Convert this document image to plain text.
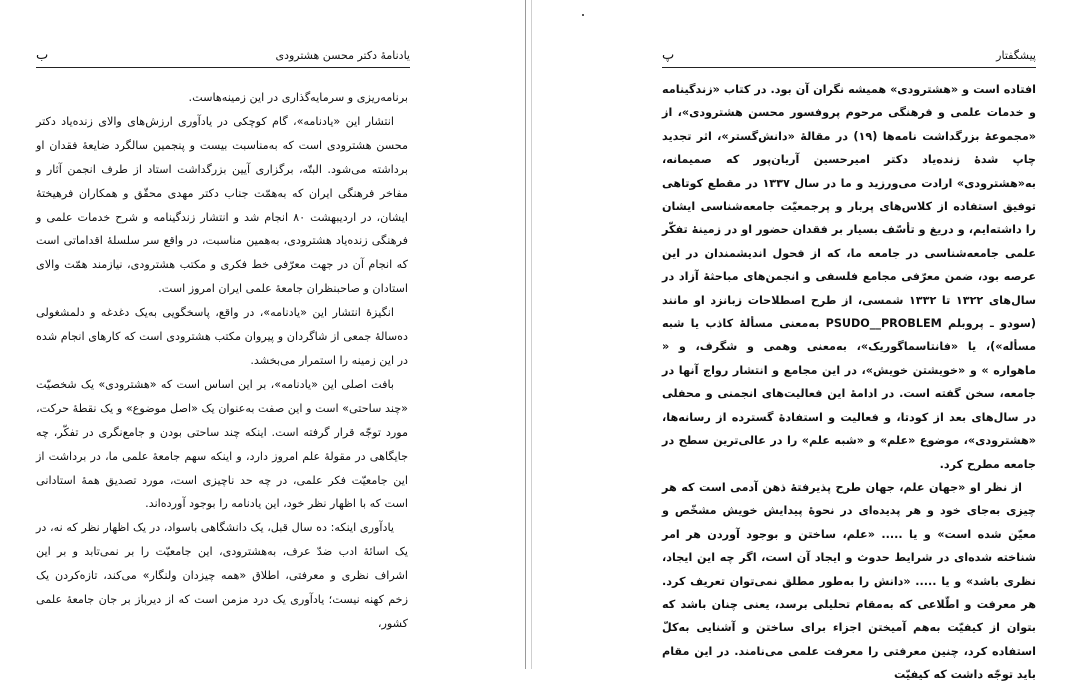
ب	یادنامهٔ دکتر محسن هشترودی

برنامه‌ریزی و سرمایه‌گذاری در این زمینه‌هاست.

انتشار این «یادنامه»، گام کوچکی در یادآوری ارزش‌های والای زنده‌یاد دکتر محسن هشترودی است که به‌مناسبت بیست و پنجمین سالگرد ضایعهٔ فقدان او برداشته می‌شود. البتّه، برگزاری آیین بزرگداشت استاد از طرف انجمن آثار و مفاخر فرهنگی ایران که به‌همّت جناب دکتر مهدی محقّق و همکاران فرهیختهٔ ایشان، در اردیبهشت ۸۰ انجام شد و انتشار زندگینامه و شرح خدمات علمی و فرهنگی زنده‌یاد هشترودی، به‌همین مناسبت، در واقع سر سلسلهٔ اقداماتی است که انجام آن در جهت معرّفی خط فکری و مکتب هشترودی، نیازمند همّت والای استادان و صاحبنظران جامعهٔ علمی ایران امروز است.

انگیزهٔ انتشار این «یادنامه»، در واقع، پاسخگویی به‌یک دغدغه و دلمشغولی ده‌سالهٔ جمعی از شاگردان و پیروان مکتب هشترودی است که کارهای انجام شده در این زمینه را استمرار می‌بخشد.

بافت اصلی این «یادنامه»، بر این اساس است که «هشترودی» یک شخصیّت «چند ساحتی» است و این صفت به‌عنوان یک «اصل موضوع» و یک نقطهٔ حرکت، مورد توجّه قرار گرفته است. اینکه چند ساحتی بودن و جامع‌نگری در تفکّر، چه جایگاهی در مقولهٔ علم امروز دارد، و اینکه سهم جامعهٔ علمی ما، در برداشت از این جامعیّت فکر علمی، در چه حد ناچیزی است، مورد تصدیق همهٔ استادانی است که با اظهار نظر خود، این یادنامه را بوجود آورده‌اند.

یادآوری اینکه: ده سال قبل، یک دانشگاهی باسواد، در یک اظهار نظر که نه، در یک اسائهٔ ادب ضدّ عرف، به‌هشترودی، این جامعیّت را بر نمی‌تابد و بر این اشراف نظری و معرفتی، اطلاق «همه چیزدان ولنگار» می‌کند، تازه‌کردن یک زخم کهنه نیست؛ یادآوری یک درد مزمن است که از دیرباز بر جان جامعهٔ علمی کشور،

پ	پیشگفتار

افتاده است و «هشترودی» همیشه نگران آن بود. در کتاب «زندگینامه و خدمات علمی و فرهنگی مرحوم پروفسور محسن هشترودی»، از «مجموعهٔ بزرگداشت نامه‌ها (۱۹) در مقالهٔ «دانش‌گستر»، اثر تجدید چاپ شدهٔ زنده‌یاد دکتر امیرحسین آریان‌پور که صمیمانه، به«هشترودی» ارادت می‌ورزید و ما در سال ۱۳۳۷ در مقطع کوتاهی توفیق استفاده از کلاس‌های پربار و پرجمعیّت جامعه‌شناسی ایشان را داشته‌ایم، و دریغ و تأسّف بسیار بر فقدان حضور او در زمینهٔ تفکّر علمی جامعه‌شناسی در جامعه ما، که از فحول اندیشمندان در این عرصه بود، ضمن معرّفی مجامع فلسفی و انجمن‌های مباحثهٔ آزاد در سال‌های ۱۳۲۲ تا ۱۳۳۲ شمسی، از طرح اصطلاحات زبانزد او مانند (سودو ـ پروبلم PSUDO__PROBLEM به‌معنی مسألهٔ کاذب یا شبه مسأله»)، یا «فانتاسماگوریک»، به‌معنی وهمی و شگرف، و « ماهواره » و «خویشتن خویش»، در این مجامع و انتشار رواج آنها در جامعه، سخن گفته است. در ادامهٔ این فعالیت‌های انجمنی و محفلی در سال‌های بعد از کودتا، و فعالیت و استفادهٔ گسترده از رسانه‌ها، «هشترودی»، موضوع «علم» و «شبه علم» را در عالی‌ترین سطح در جامعه مطرح کرد.

از نظر او «جهان علم، جهان طرح پذیرفتهٔ ذهن آدمی است که هر چیزی به‌جای خود و هر پدیده‌ای در نحوهٔ پیدایش خویش مشخّص و معیّن شده است» و یا ..... «علم، ساختن و بوجود آوردن هر امر شناخته شده‌ای در شرایط حدوث و ایجاد آن است، اگر چه این ایجاد، نظری باشد» و یا ..... «دانش را به‌طور مطلق نمی‌توان تعریف کرد. هر معرفت و اطّلاعی که به‌مقام تحلیلی برسد، یعنی چنان باشد که بتوان از کیفیّت به‌هم آمیختن اجزاء برای ساختن و آشنایی به‌کلّ استفاده کرد، چنین معرفتی را معرفت علمی می‌نامند. در این مقام باید توجّه داشت که کیفیّت
